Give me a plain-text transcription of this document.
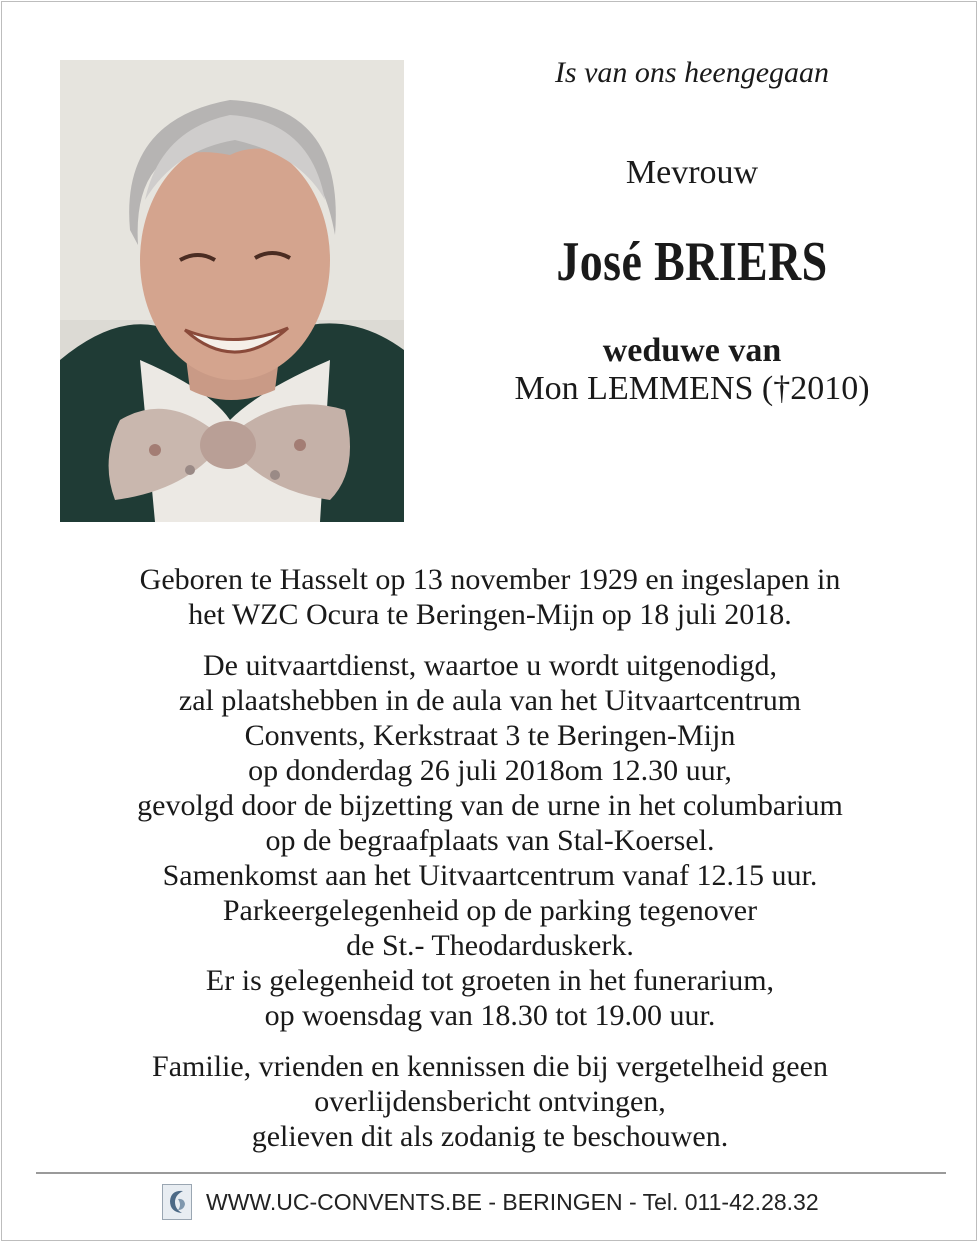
Is van ons heengegaan
Mevrouw
José BRIERS
weduwe van
Mon LEMMENS (†2010)

Geboren te Hasselt op 13 november 1929 en ingeslapen in

het WZC Ocura te Beringen-Mijn op 18 juli 2018.

De uitvaartdienst, waartoe u wordt uitgenodigd,

zal plaatshebben in de aula van het Uitvaartcentrum

Convents, Kerkstraat 3 te Beringen-Mijn

op donderdag 26 juli 2018om 12.30 uur,

gevolgd door de bijzetting van de urne in het columbarium

op de begraafplaats van Stal-Koersel.

Samenkomst aan het Uitvaartcentrum vanaf 12.15 uur.

Parkeergelegenheid op de parking tegenover

de St.- Theodarduskerk.

Er is gelegenheid tot groeten in het funerarium,

op woensdag van 18.30 tot 19.00 uur.

Familie, vrienden en kennissen die bij vergetelheid geen

overlijdensbericht ontvingen,

gelieven dit als zodanig te beschouwen.

WWW.UC-CONVENTS.BE - BERINGEN - Tel. 011-42.28.32
